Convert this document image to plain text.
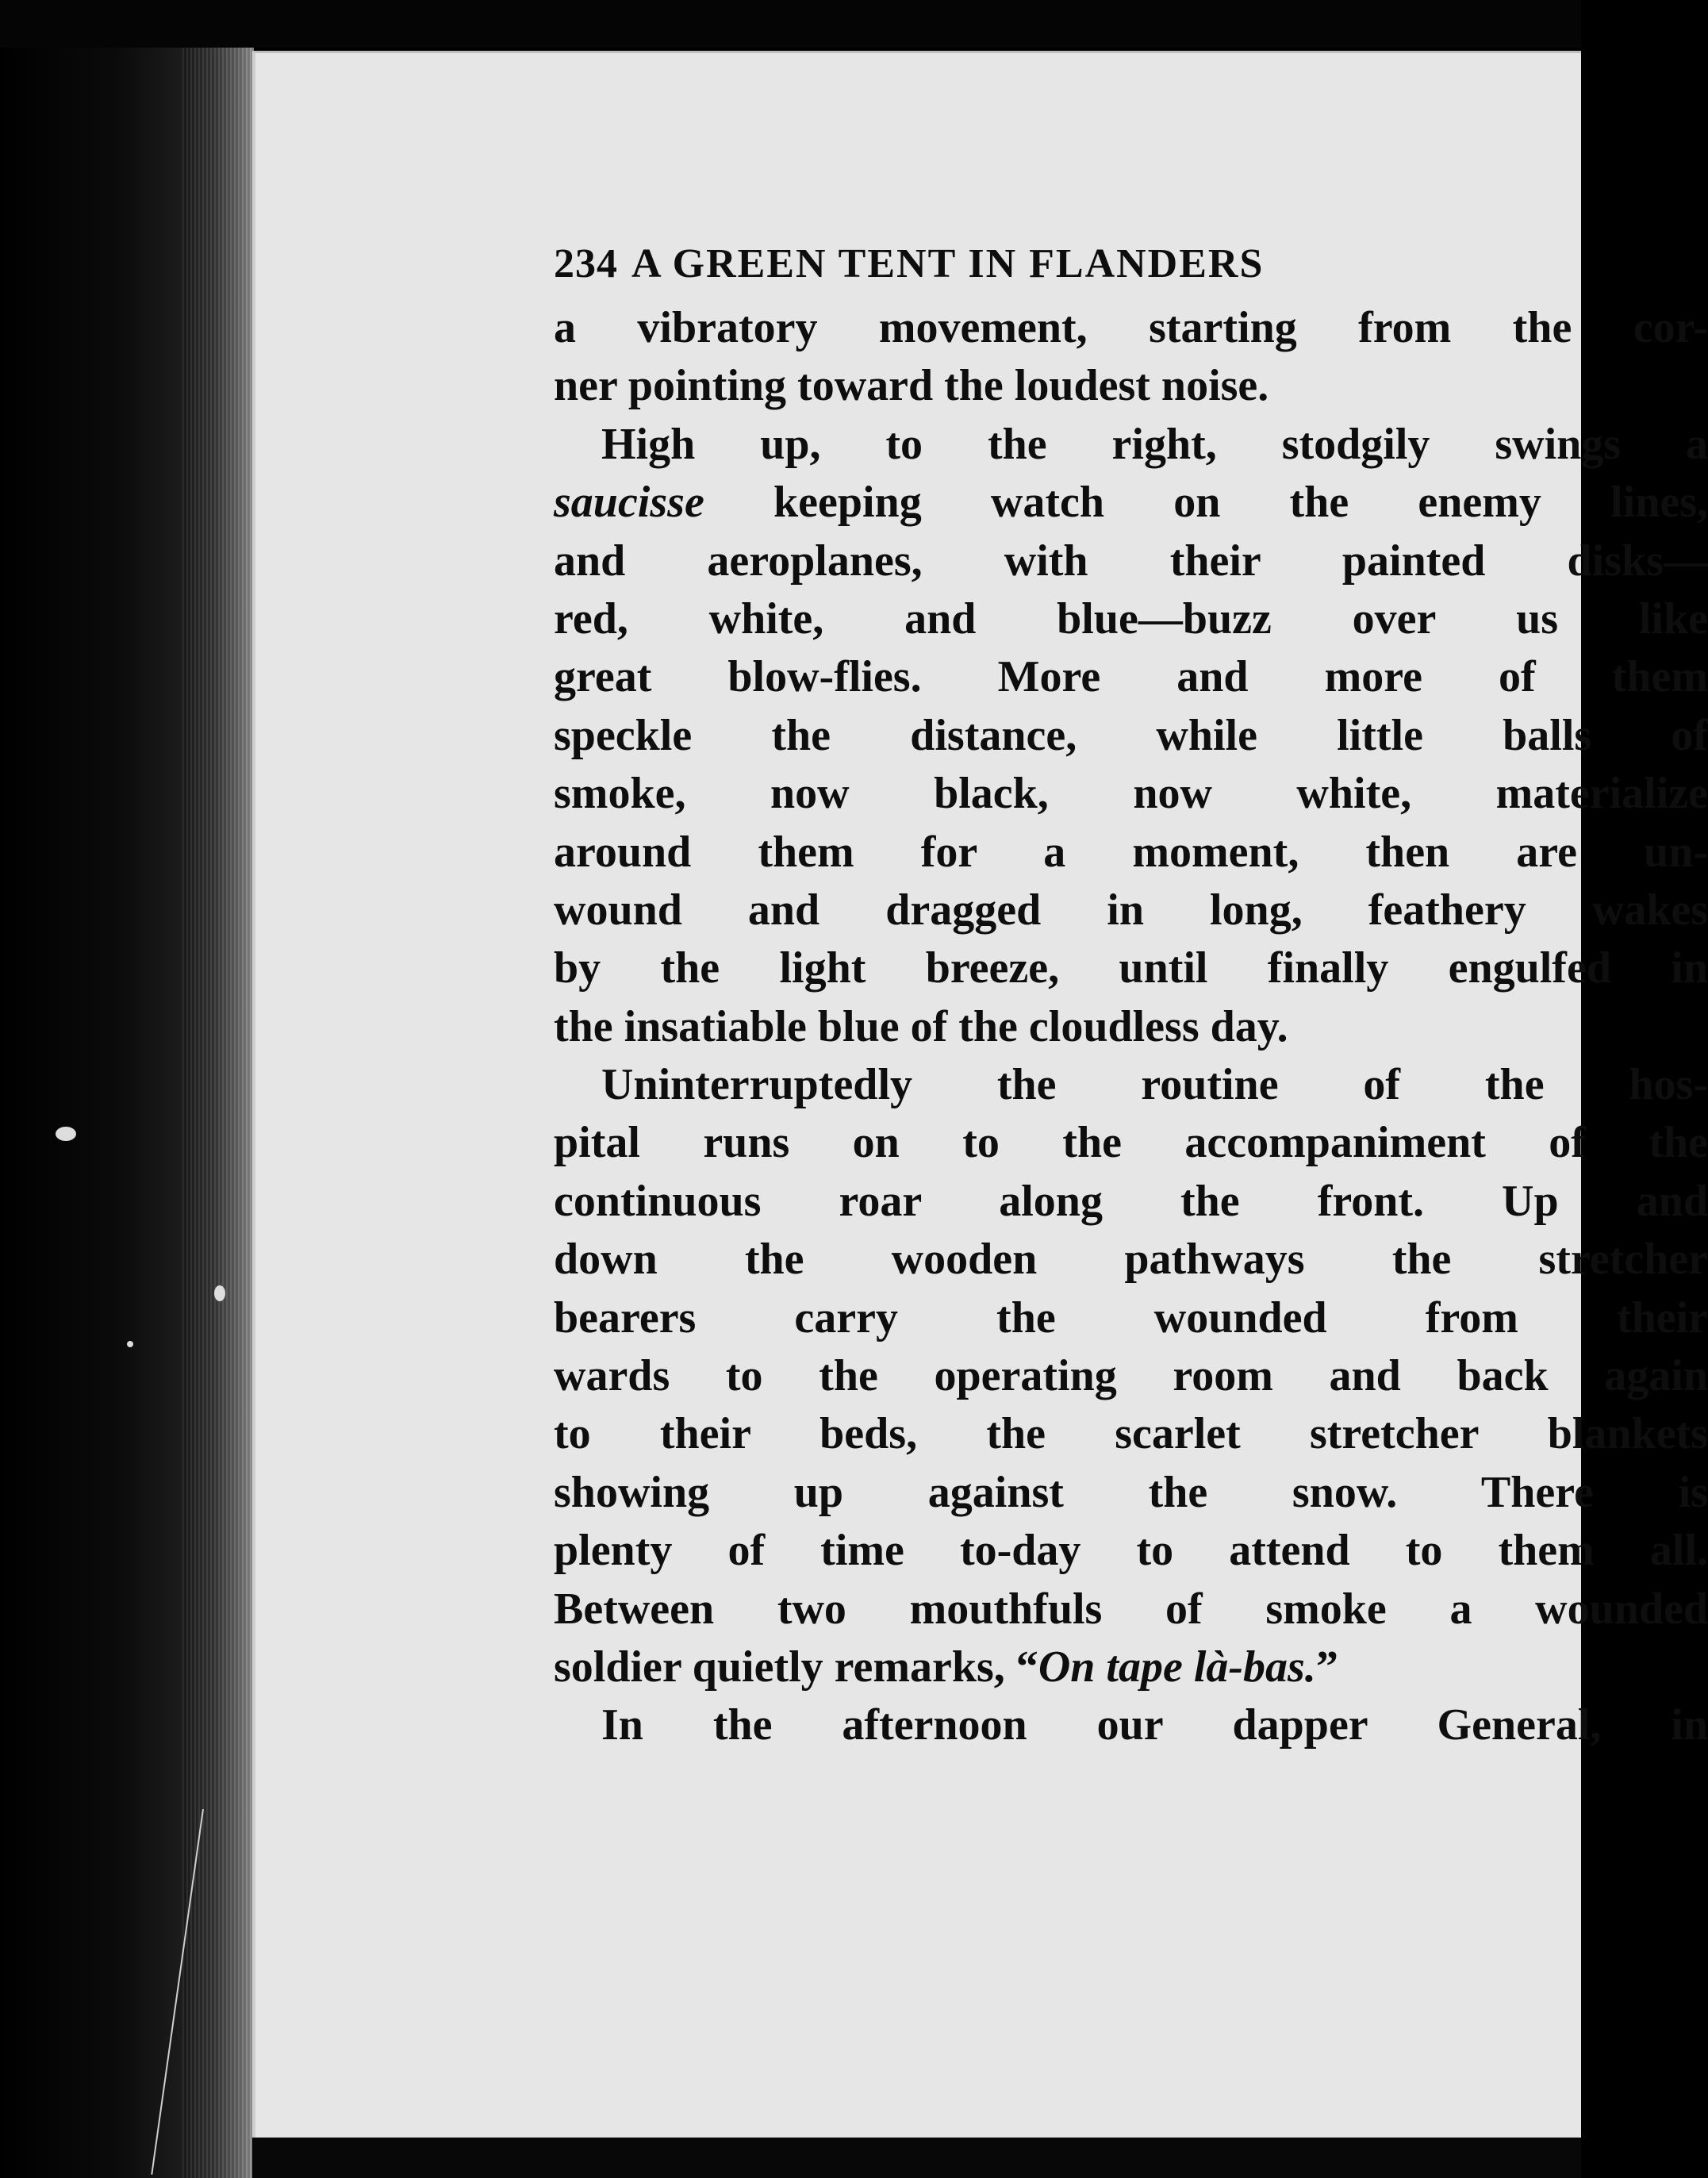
234 A GREEN TENT IN FLANDERS
a vibratory movement, starting from the cor-
ner pointing toward the loudest noise.
High up, to the right, stodgily swings a
saucisse keeping watch on the enemy lines,
and aeroplanes, with their painted disks—
red, white, and blue—buzz over us like
great blow-flies. More and more of them
speckle the distance, while little balls of
smoke, now black, now white, materialize
around them for a moment, then are un-
wound and dragged in long, feathery wakes
by the light breeze, until finally engulfed in
the insatiable blue of the cloudless day.
Uninterruptedly the routine of the hos-
pital runs on to the accompaniment of the
continuous roar along the front. Up and
down the wooden pathways the stretcher
bearers carry the wounded from their
wards to the operating room and back again
to their beds, the scarlet stretcher blankets
showing up against the snow. There is
plenty of time to-day to attend to them all.
Between two mouthfuls of smoke a wounded
soldier quietly remarks, “On tape là-bas.”
In the afternoon our dapper General, in
